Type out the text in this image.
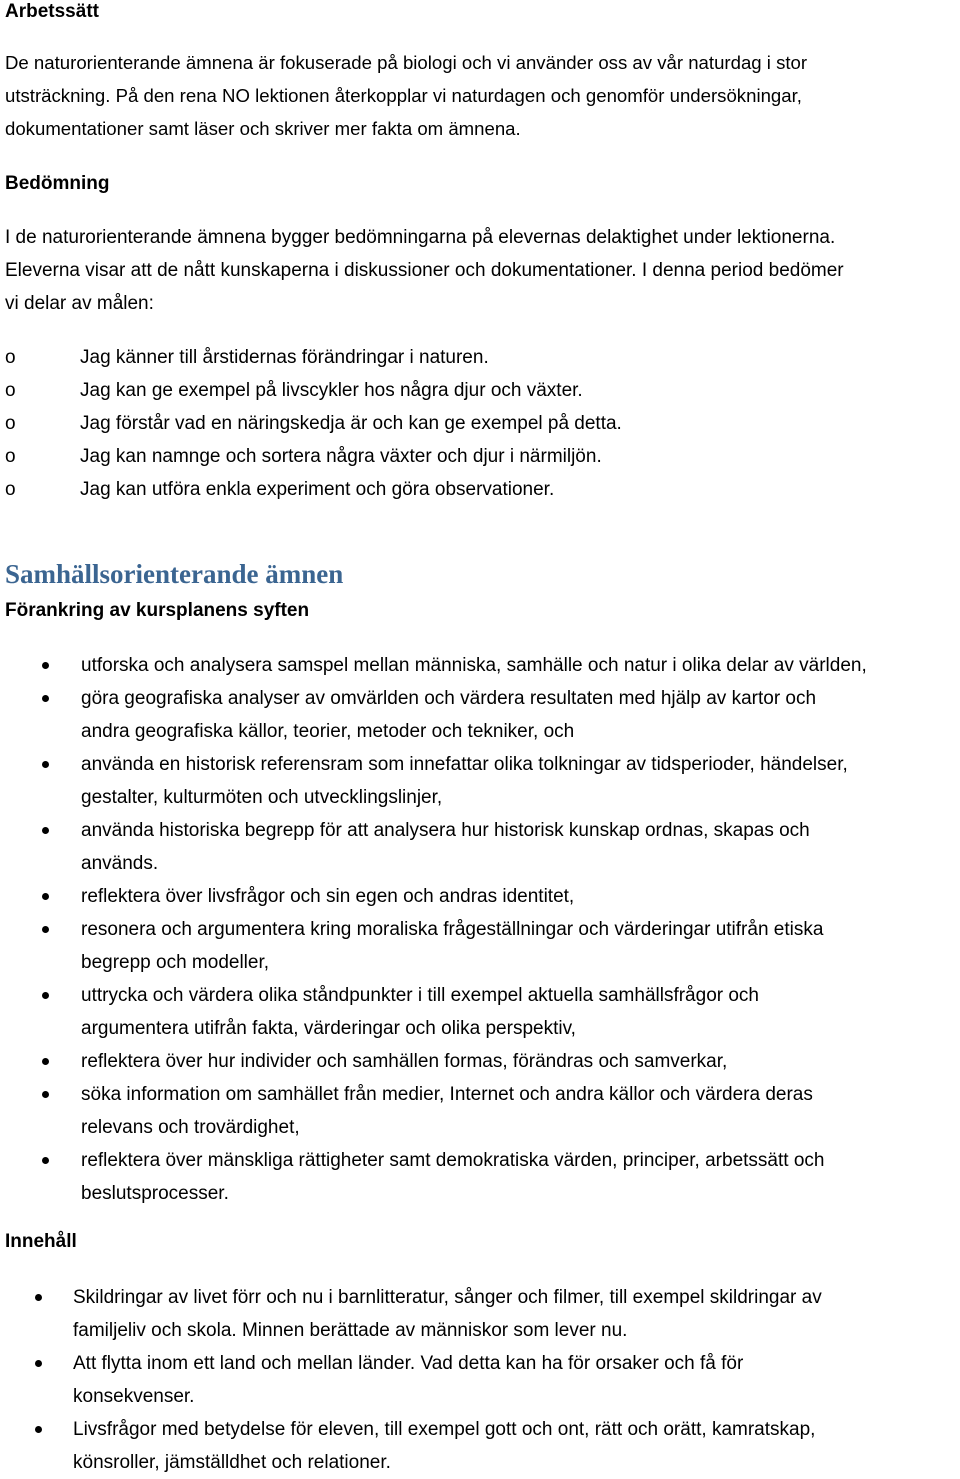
Arbetssätt

De naturorienterande ämnena är fokuserade på biologi och vi använder oss av vår naturdag i stor
utsträckning. På den rena NO lektionen återkopplar vi naturdagen och genomför undersökningar,
dokumentationer samt läser och skriver mer fakta om ämnena.

Bedömning

I de naturorienterande ämnena bygger bedömningarna på elevernas delaktighet under lektionerna.
Eleverna visar att de nått kunskaperna i diskussioner och dokumentationer. I denna period bedömer
vi delar av målen:

o	Jag känner till årstidernas förändringar i naturen.
o	Jag kan ge exempel på livscykler hos några djur och växter.
o	Jag förstår vad en näringskedja är och kan ge exempel på detta.
o	Jag kan namnge och sortera några växter och djur i närmiljön.
o	Jag kan utföra enkla experiment och göra observationer.
Samhällsorienterande ämnen
Förankring av kursplanens syften
utforska och analysera samspel mellan människa, samhälle och natur i olika delar av världen,
göra geografiska analyser av omvärlden och värdera resultaten med hjälp av kartor och
andra geografiska källor, teorier, metoder och tekniker, och
använda en historisk referensram som innefattar olika tolkningar av tidsperioder, händelser,
gestalter, kulturmöten och utvecklingslinjer,
använda historiska begrepp för att analysera hur historisk kunskap ordnas, skapas och
används.
reflektera över livsfrågor och sin egen och andras identitet,
resonera och argumentera kring moraliska frågeställningar och värderingar utifrån etiska
begrepp och modeller,
uttrycka och värdera olika ståndpunkter i till exempel aktuella samhällsfrågor och
argumentera utifrån fakta, värderingar och olika perspektiv,
reflektera över hur individer och samhällen formas, förändras och samverkar,
söka information om samhället från medier, Internet och andra källor och värdera deras
relevans och trovärdighet,
reflektera över mänskliga rättigheter samt demokratiska värden, principer, arbetssätt och
beslutsprocesser.
Innehåll
Skildringar av livet förr och nu i barnlitteratur, sånger och filmer, till exempel skildringar av
familjeliv och skola. Minnen berättade av människor som lever nu.
Att flytta inom ett land och mellan länder. Vad detta kan ha för orsaker och få för
konsekvenser.
Livsfrågor med betydelse för eleven, till exempel gott och ont, rätt och orätt, kamratskap,
könsroller, jämställdhet och relationer.
